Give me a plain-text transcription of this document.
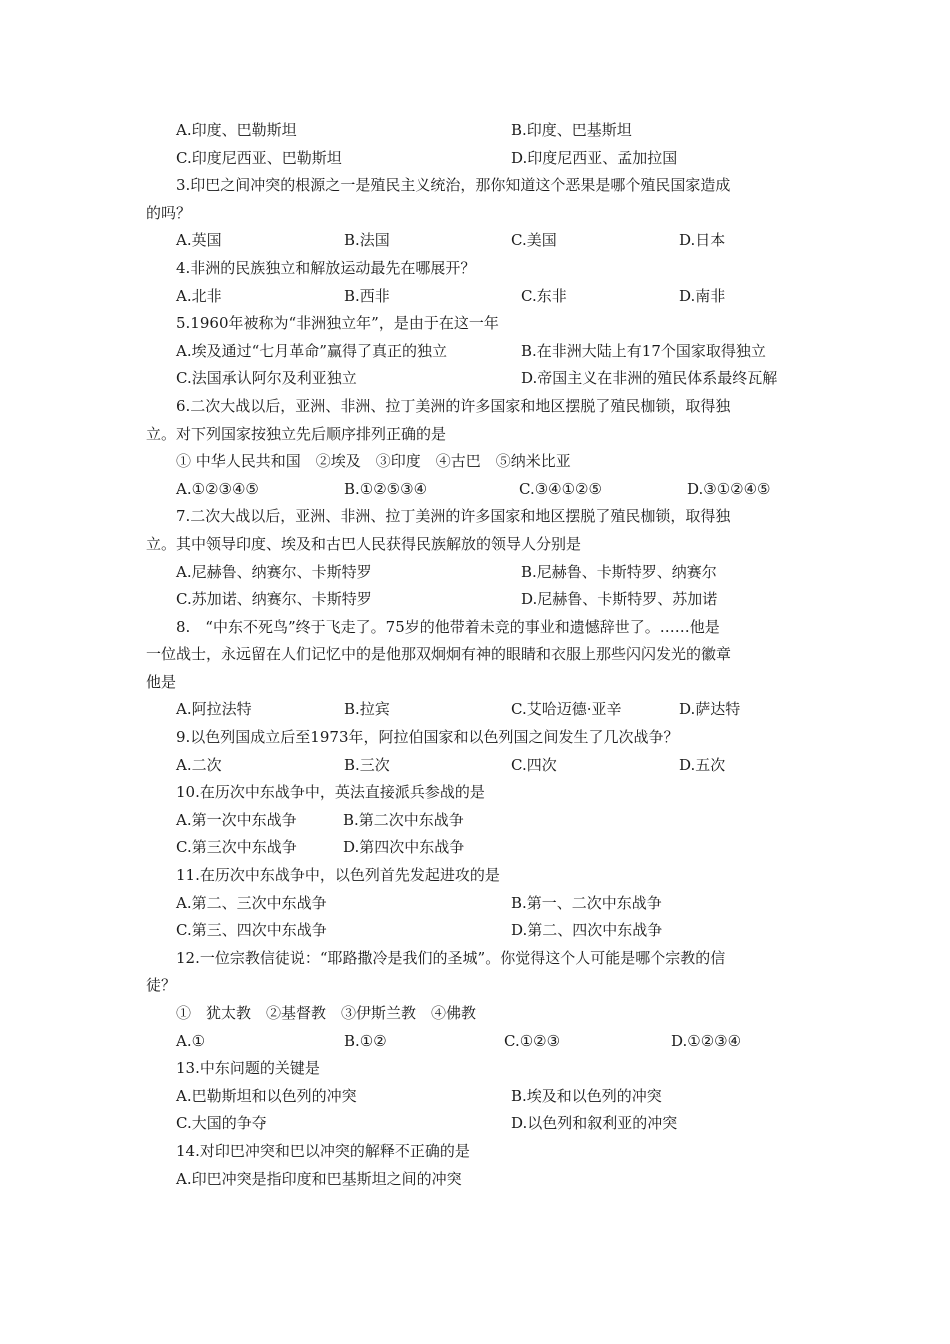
A.印度、巴勒斯坦	B.印度、巴基斯坦
C.印度尼西亚、巴勒斯坦	D.印度尼西亚、孟加拉国
3.印巴之间冲突的根源之一是殖民主义统治，那你知道这个恶果是哪个殖民国家造成
的吗？
A.英国	B.法国	C.美国	D.日本
4.非洲的民族独立和解放运动最先在哪展开？
A.北非	B.西非	C.东非	D.南非
5.1960年被称为“非洲独立年”，是由于在这一年
A.埃及通过“七月革命”赢得了真正的独立	B.在非洲大陆上有17个国家取得独立
C.法国承认阿尔及利亚独立	D.帝国主义在非洲的殖民体系最终瓦解
6.二次大战以后，亚洲、非洲、拉丁美洲的许多国家和地区摆脱了殖民枷锁，取得独
立。对下列国家按独立先后顺序排列正确的是
① 中华人民共和国　②埃及　③印度　④古巴　⑤纳米比亚
A.①②③④⑤	B.①②⑤③④	C.③④①②⑤	D.③①②④⑤
7.二次大战以后，亚洲、非洲、拉丁美洲的许多国家和地区摆脱了殖民枷锁，取得独
立。其中领导印度、埃及和古巴人民获得民族解放的领导人分别是
A.尼赫鲁、纳赛尔、卡斯特罗	B.尼赫鲁、卡斯特罗、纳赛尔
C.苏加诺、纳赛尔、卡斯特罗	D.尼赫鲁、卡斯特罗、苏加诺
8.　“中东不死鸟”终于飞走了。75岁的他带着未竞的事业和遗憾辞世了。……他是
一位战士，永远留在人们记忆中的是他那双炯炯有神的眼睛和衣服上那些闪闪发光的徽章
他是
A.阿拉法特	B.拉宾	C.艾哈迈德·亚辛	D.萨达特
9.以色列国成立后至1973年，阿拉伯国家和以色列国之间发生了几次战争？
A.二次	B.三次	C.四次	D.五次
10.在历次中东战争中，英法直接派兵参战的是
A.第一次中东战争	B.第二次中东战争
C.第三次中东战争	D.第四次中东战争
11.在历次中东战争中，以色列首先发起进攻的是
A.第二、三次中东战争	B.第一、二次中东战争
C.第三、四次中东战争	D.第二、四次中东战争
12.一位宗教信徒说：“耶路撒冷是我们的圣城”。你觉得这个人可能是哪个宗教的信
徒？
①　犹太教　②基督教　③伊斯兰教　④佛教
A.①	B.①②	C.①②③	D.①②③④
13.中东问题的关键是
A.巴勒斯坦和以色列的冲突	B.埃及和以色列的冲突
C.大国的争夺	D.以色列和叙利亚的冲突
14.对印巴冲突和巴以冲突的解释不正确的是
A.印巴冲突是指印度和巴基斯坦之间的冲突
